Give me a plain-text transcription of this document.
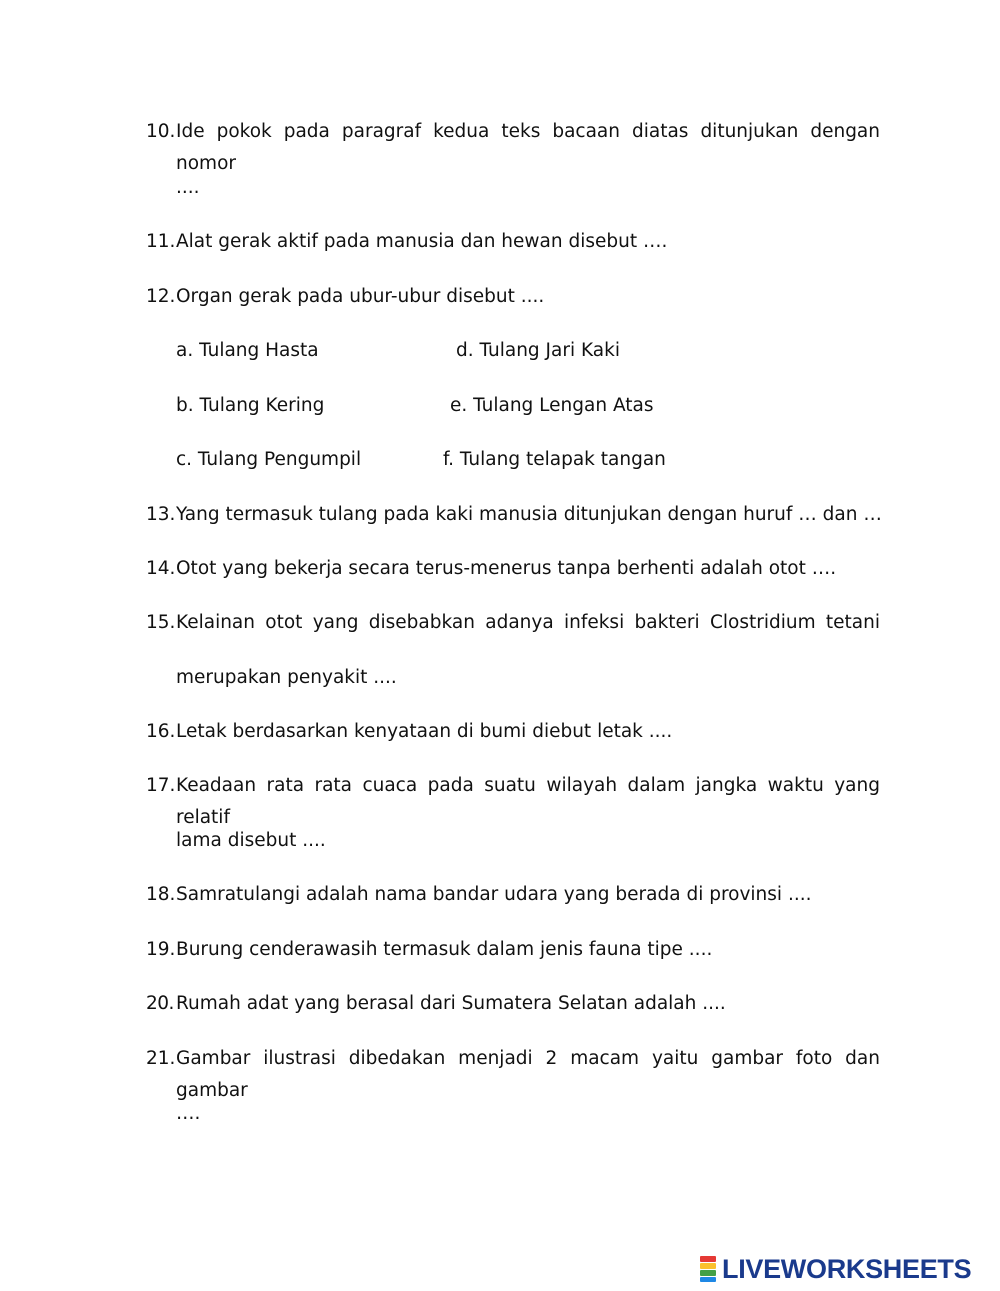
10. Ide pokok pada paragraf kedua teks bacaan diatas ditunjukan dengan nomor
....
11. Alat gerak aktif pada manusia dan hewan disebut ….
12. Organ gerak pada ubur-ubur disebut ....
a. Tulang Hasta	d. Tulang Jari Kaki
b. Tulang Kering	e. Tulang Lengan Atas
c. Tulang Pengumpil	f. Tulang telapak tangan
13. Yang termasuk tulang pada kaki manusia ditunjukan dengan huruf … dan …
14. Otot yang bekerja secara terus-menerus tanpa berhenti adalah otot ….
15. Kelainan otot yang disebabkan adanya infeksi bakteri Clostridium tetani
merupakan penyakit ....
16. Letak berdasarkan kenyataan di bumi diebut letak ....
17. Keadaan rata rata cuaca pada suatu wilayah dalam jangka waktu yang relatif
lama disebut ....
18. Samratulangi adalah nama bandar udara yang berada di provinsi ....
19. Burung cenderawasih termasuk dalam jenis fauna tipe ....
20. Rumah adat yang berasal dari Sumatera Selatan adalah ....
21. Gambar ilustrasi dibedakan menjadi 2 macam yaitu gambar foto dan gambar
….
LIVEWORKSHEETS
